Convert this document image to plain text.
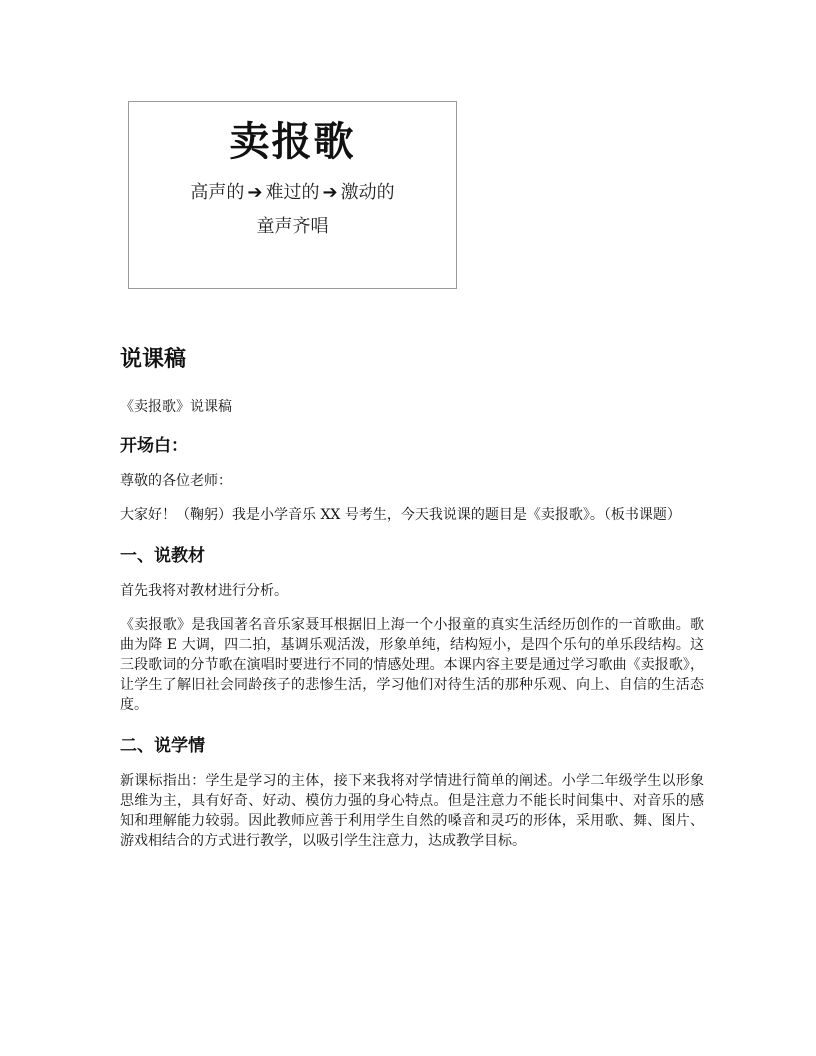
卖报歌
高声的 ➔ 难过的 ➔ 激动的
童声齐唱
说课稿
《卖报歌》说课稿
开场白：
尊敬的各位老师：
大家好！（鞠躬）我是小学音乐 XX 号考生，今天我说课的题目是《卖报歌》。（板书课题）
一、说教材
首先我将对教材进行分析。
《卖报歌》是我国著名音乐家聂耳根据旧上海一个小报童的真实生活经历创作的一首歌曲。歌曲为降 E 大调，四二拍，基调乐观活泼，形象单纯，结构短小，是四个乐句的单乐段结构。这三段歌词的分节歌在演唱时要进行不同的情感处理。本课内容主要是通过学习歌曲《卖报歌》，让学生了解旧社会同龄孩子的悲惨生活，学习他们对待生活的那种乐观、向上、自信的生活态度。
二、说学情
新课标指出：学生是学习的主体，接下来我将对学情进行简单的阐述。小学二年级学生以形象思维为主，具有好奇、好动、模仿力强的身心特点。但是注意力不能长时间集中、对音乐的感知和理解能力较弱。因此教师应善于利用学生自然的嗓音和灵巧的形体，采用歌、舞、图片、游戏相结合的方式进行教学，以吸引学生注意力，达成教学目标。
